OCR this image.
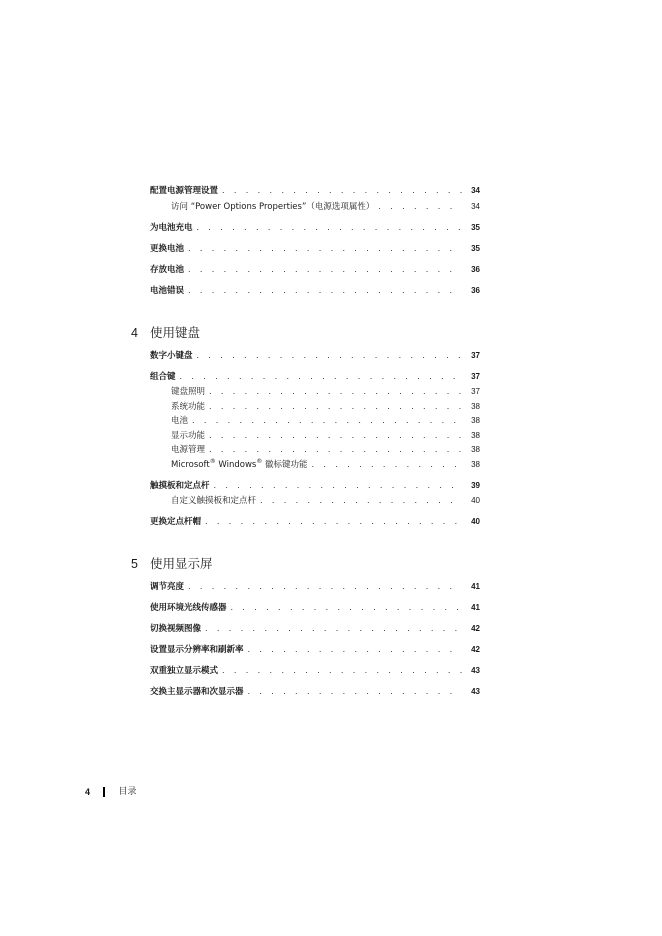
配置电源管理设置 . . .	34
访问 “Power Options Properties”（电源选项属性） . . .	34
为电池充电 . . .	35
更换电池 . . .	35
存放电池 . . .	36
电池错误 . . .	36
4 使用键盘
数字小键盘 . . .	37
组合键 . . .	37
键盘照明 . . .	37
系统功能 . . .	38
电池 . . .	38
显示功能 . . .	38
电源管理 . . .	38
Microsoft® Windows® 徽标键功能 . . .	38
触摸板和定点杆 . . .	39
自定义触摸板和定点杆 . . .	40
更换定点杆帽 . . .	40
5 使用显示屏
调节亮度 . . .	41
使用环境光线传感器 . . .	41
切换视频图像 . . .	42
设置显示分辨率和刷新率 . . .	42
双重独立显示模式 . . .	43
交换主显示器和次显示器 . . .	43
4	目录
